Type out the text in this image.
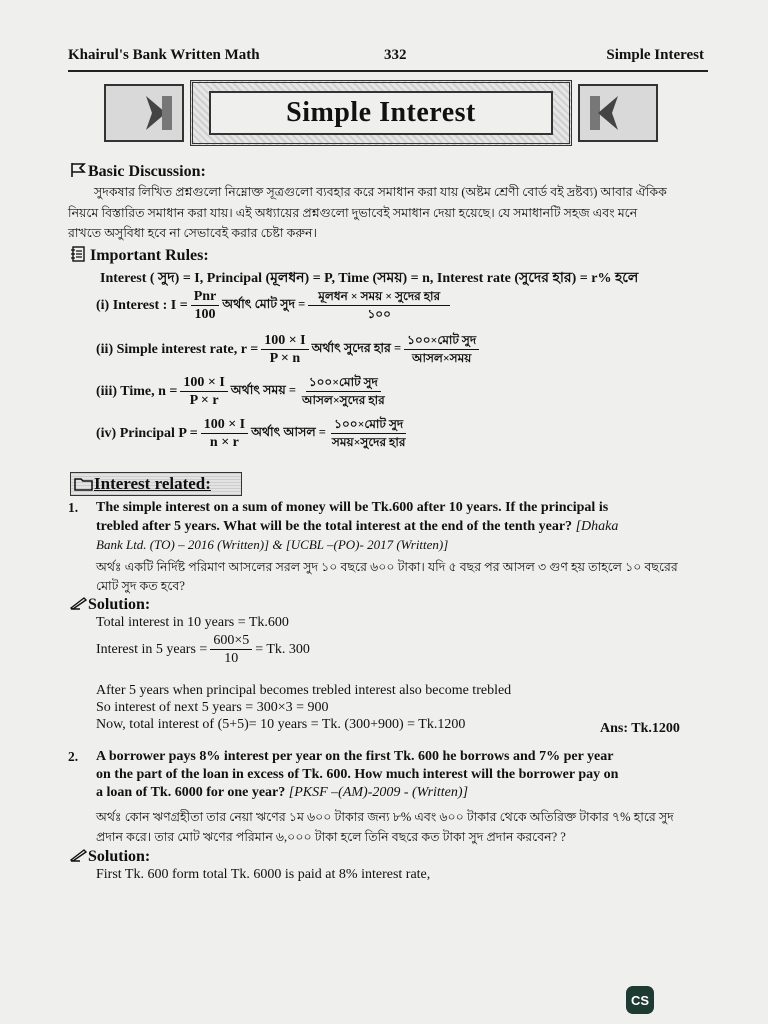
Khairul's Bank Written Math	332	Simple Interest
Simple Interest
Basic Discussion:
সুদকষার লিখিত প্রশ্নগুলো নিম্নোক্ত সূত্রগুলো ব্যবহার করে সমাধান করা যায় (অষ্টম শ্রেণী বোর্ড বই দ্রষ্টব্য) আবার ঐকিক
নিয়মে বিস্তারিত সমাধান করা যায়। এই অধ্যায়ের প্রশ্নগুলো দুভাবেই সমাধান দেয়া হয়েছে। যে সমাধানটি সহজ এবং মনে
রাখতে অসুবিধা হবে না সেভাবেই করার চেষ্টা করুন।
Important Rules:
Interest ( সুদ) = I, Principal (মূলধন) = P, Time (সময়) = n, Interest rate (সুদের হার) = r% হলে
(i) Interest : $I = \frac{\text{Pnr}}{100}$ অর্থাৎ মোট সুদ = $\frac{\text{মূলধন × সময় × সুদের হার}}{১০০}$
(ii) Simple interest rate, $r = \frac{100 \times I}{P \times n}$ অর্থাৎ সুদের হার = $\frac{\text{১০০×মোট সুদ}}{\text{আসল×সময়}}$
(iii) Time, $n = \frac{100 \times I}{P \times r}$ অর্থাৎ সময় = $\frac{\text{১০০×মোট সুদ}}{\text{আসল×সুদের হার}}$
(iv) Principal $P = \frac{100 \times I}{n \times r}$ অর্থাৎ আসল = $\frac{\text{১০০×মোট সুদ}}{\text{সময়×সুদের হার}}$
Interest related:
1. The simple interest on a sum of money will be Tk.600 after 10 years. If the principal is
trebled after 5 years. What will be the total interest at the end of the tenth year? [Dhaka
Bank Ltd. (TO) – 2016 (Written)] & [UCBL –(PO)- 2017 (Written)]
অর্থঃ একটি নির্দিষ্ট পরিমাণ আসলের সরল সুদ ১০ বছরে ৬০০ টাকা। যদি ৫ বছর পর আসল ৩ গুণ হয় তাহলে ১০ বছরের
মোট সুদ কত হবে?
Solution:
Total interest in 10 years = Tk.600
Interest in 5 years = $\frac{600\times 5}{10} = Tk$. 300
After 5 years when principal becomes trebled interest also become trebled
So interest of next 5 years = 300×3 = 900
Now, total interest of (5+5)= 10 years = Tk. (300+900) = Tk.1200	Ans: Tk.1200
2. A borrower pays 8% interest per year on the first Tk. 600 he borrows and 7% per year
on the part of the loan in excess of Tk. 600. How much interest will the borrower pay on
a loan of Tk. 6000 for one year? [PKSF –(AM)-2009 - (Written)]
অর্থঃ কোন ঋণগ্রহীতা তার নেয়া ঋণের ১ম ৬০০ টাকার জন্য ৮% এবং ৬০০ টাকার থেকে অতিরিক্ত টাকার ৭% হারে সুদ
প্রদান করে। তার মোট ঋণের পরিমান ৬,০০০ টাকা হলে তিনি বছরে কত টাকা সুদ প্রদান করবেন? ?
Solution:
First Tk. 600 form total Tk. 6000 is paid at 8% interest rate,
CS
